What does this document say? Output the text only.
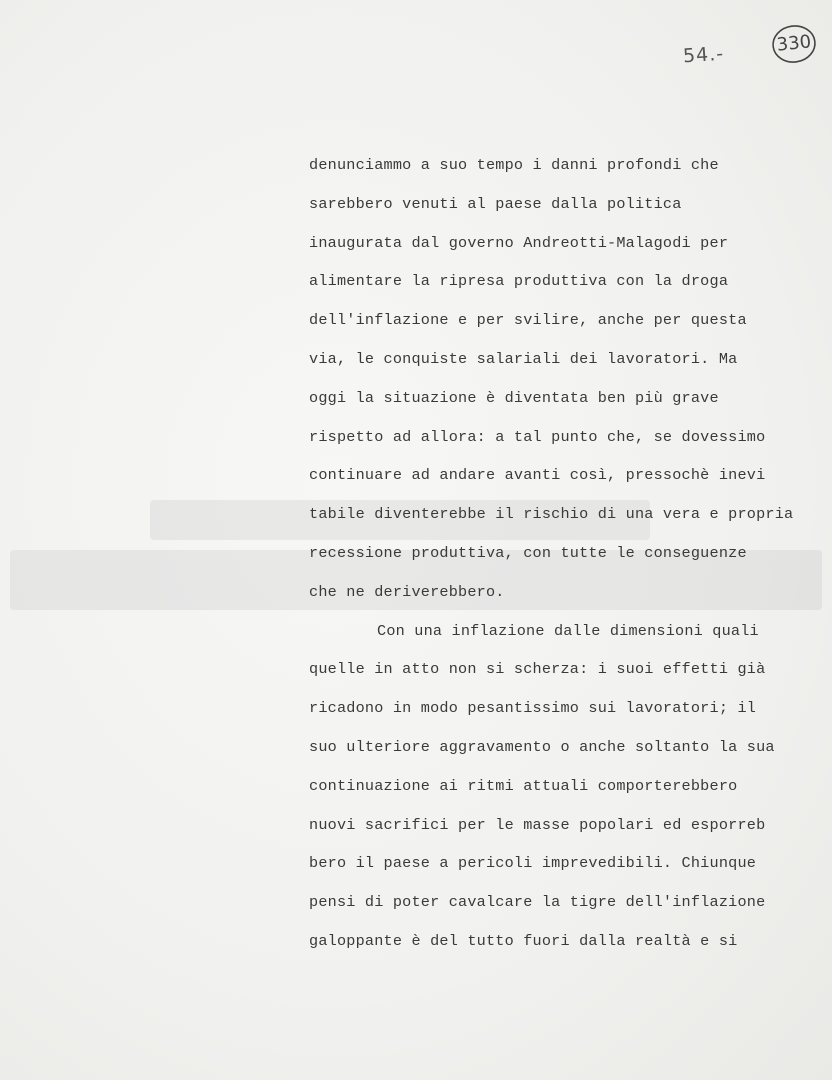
54.-	330
denunciammo a suo tempo i danni profondi che
sarebbero venuti al paese dalla politica
inaugurata dal governo Andreotti-Malagodi per
alimentare la ripresa produttiva con la droga
dell'inflazione e per svilire, anche per questa
via, le conquiste salariali dei lavoratori. Ma
oggi la situazione è diventata ben più grave
rispetto ad allora: a tal punto che, se dovessimo
continuare ad andare avanti così, pressochè inevi
tabile diventerebbe il rischio di una vera e propria
recessione produttiva, con tutte le conseguenze
che ne deriverebbero.
Con una inflazione dalle dimensioni quali
quelle in atto non si scherza: i suoi effetti già
ricadono in modo pesantissimo sui lavoratori; il
suo ulteriore aggravamento o anche soltanto la sua
continuazione ai ritmi attuali comporterebbero
nuovi sacrifici per le masse popolari ed esporreb
bero il paese a pericoli imprevedibili. Chiunque
pensi di poter cavalcare la tigre dell'inflazione
galoppante è del tutto fuori dalla realtà e si
